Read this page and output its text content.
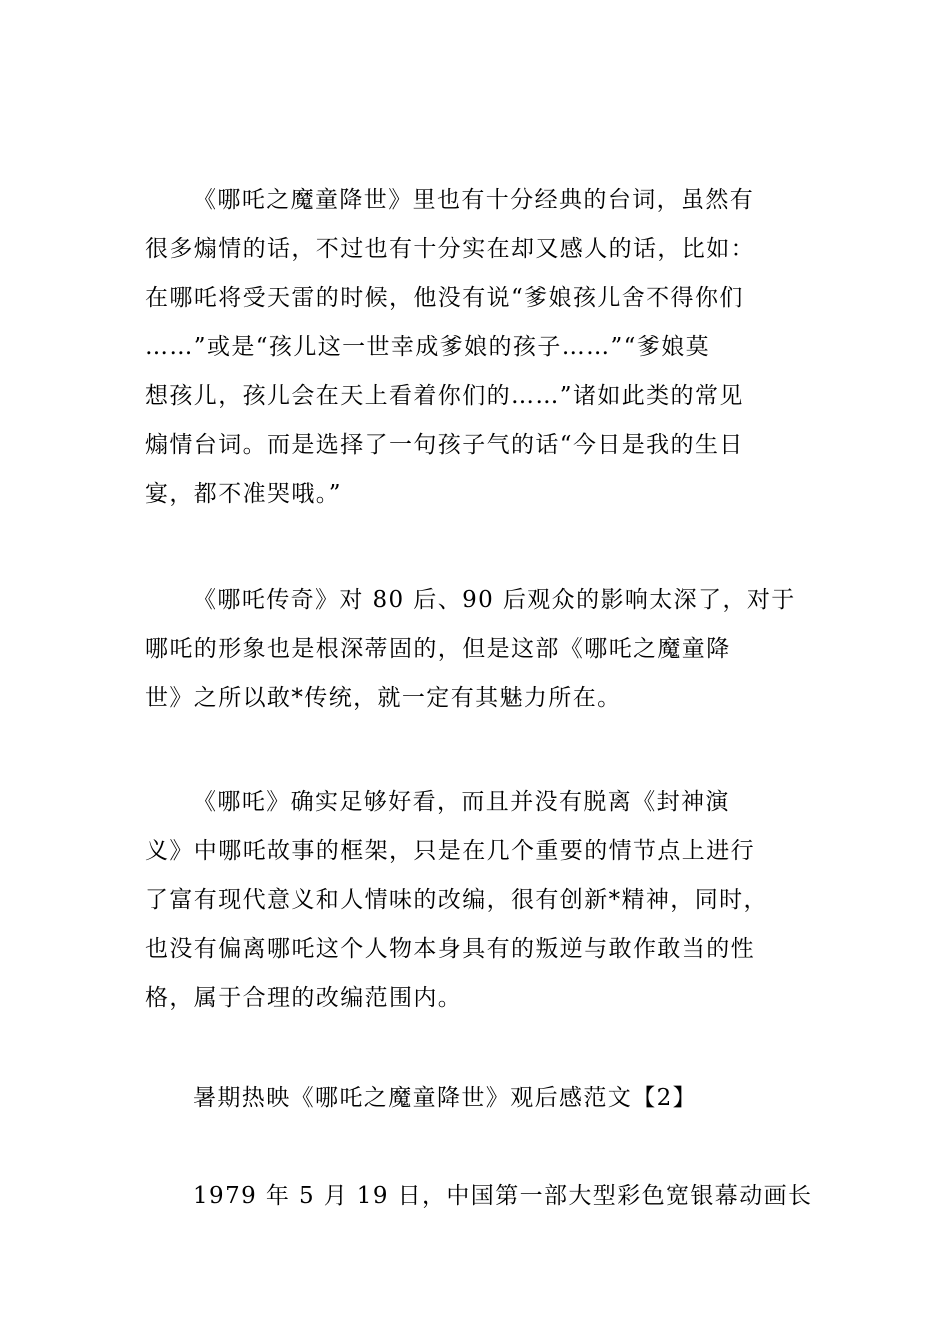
《哪吒之魔童降世》里也有十分经典的台词，虽然有
很多煽情的话，不过也有十分实在却又感人的话，比如：
在哪吒将受天雷的时候，他没有说“爹娘孩儿舍不得你们
……”或是“孩儿这一世幸成爹娘的孩子……”“爹娘莫
想孩儿，孩儿会在天上看着你们的……”诸如此类的常见
煽情台词。而是选择了一句孩子气的话“今日是我的生日
宴，都不准哭哦。”

《哪吒传奇》对 80 后、90 后观众的影响太深了，对于
哪吒的形象也是根深蒂固的，但是这部《哪吒之魔童降
世》之所以敢*传统，就一定有其魅力所在。

《哪吒》确实足够好看，而且并没有脱离《封神演
义》中哪吒故事的框架，只是在几个重要的情节点上进行
了富有现代意义和人情味的改编，很有创新*精神，同时，
也没有偏离哪吒这个人物本身具有的叛逆与敢作敢当的性
格，属于合理的改编范围内。

暑期热映《哪吒之魔童降世》观后感范文【2】

1979 年 5 月 19 日，中国第一部大型彩色宽银幕动画长
